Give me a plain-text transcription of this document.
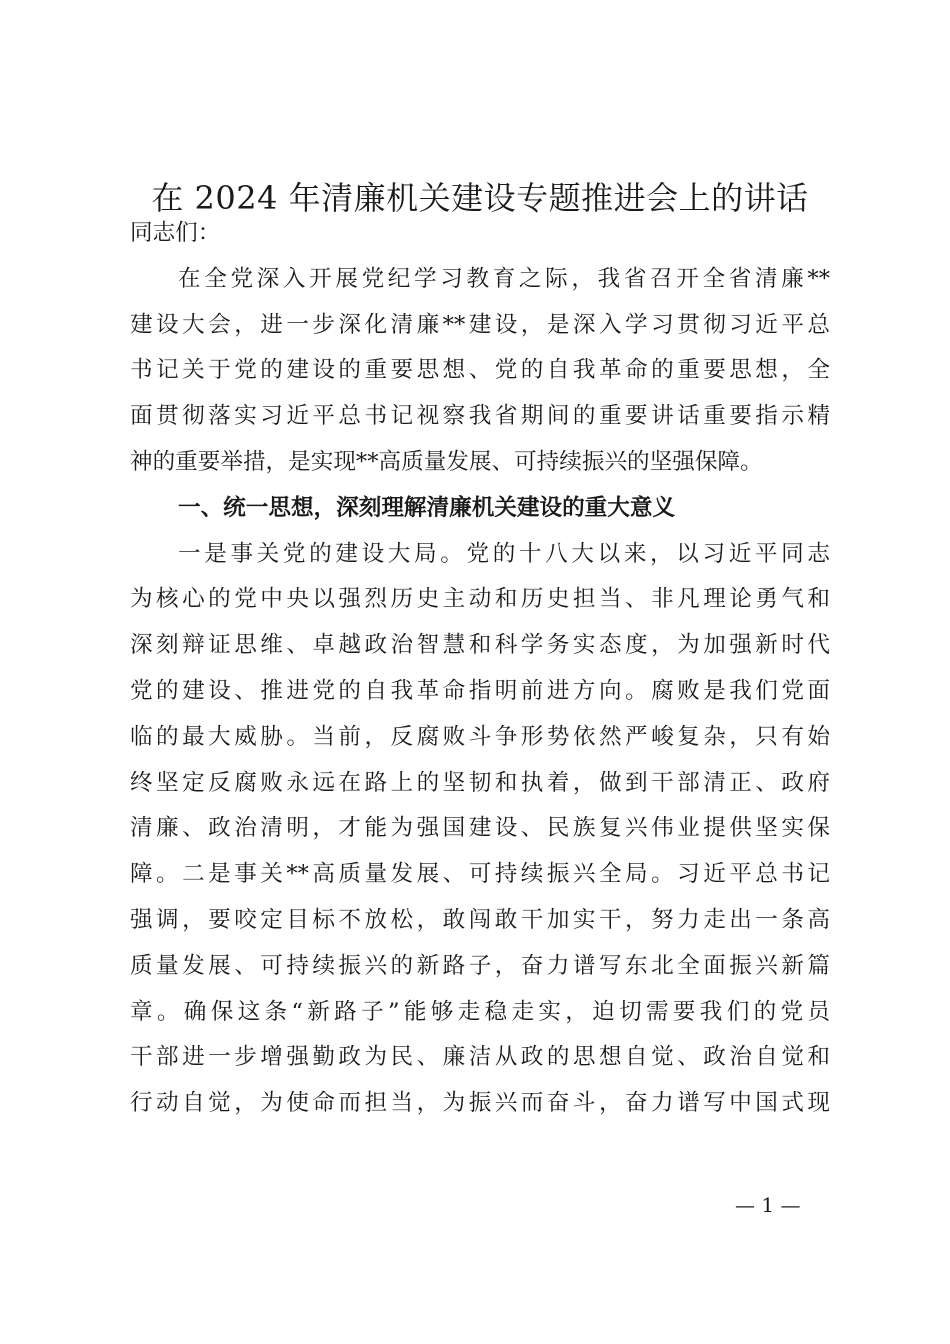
在 2024 年清廉机关建设专题推进会上的讲话
同志们：
在全党深入开展党纪学习教育之际，我省召开全省清廉**
建设大会，进一步深化清廉**建设，是深入学习贯彻习近平总
书记关于党的建设的重要思想、党的自我革命的重要思想，全
面贯彻落实习近平总书记视察我省期间的重要讲话重要指示精
神的重要举措，是实现**高质量发展、可持续振兴的坚强保障。
一、统一思想，深刻理解清廉机关建设的重大意义
一是事关党的建设大局。党的十八大以来，以习近平同志
为核心的党中央以强烈历史主动和历史担当、非凡理论勇气和
深刻辩证思维、卓越政治智慧和科学务实态度，为加强新时代
党的建设、推进党的自我革命指明前进方向。腐败是我们党面
临的最大威胁。当前，反腐败斗争形势依然严峻复杂，只有始
终坚定反腐败永远在路上的坚韧和执着，做到干部清正、政府
清廉、政治清明，才能为强国建设、民族复兴伟业提供坚实保
障。二是事关**高质量发展、可持续振兴全局。习近平总书记
强调，要咬定目标不放松，敢闯敢干加实干，努力走出一条高
质量发展、可持续振兴的新路子，奋力谱写东北全面振兴新篇
章。确保这条“新路子”能够走稳走实，迫切需要我们的党员
干部进一步增强勤政为民、廉洁从政的思想自觉、政治自觉和
行动自觉，为使命而担当，为振兴而奋斗，奋力谱写中国式现
— 1 —
